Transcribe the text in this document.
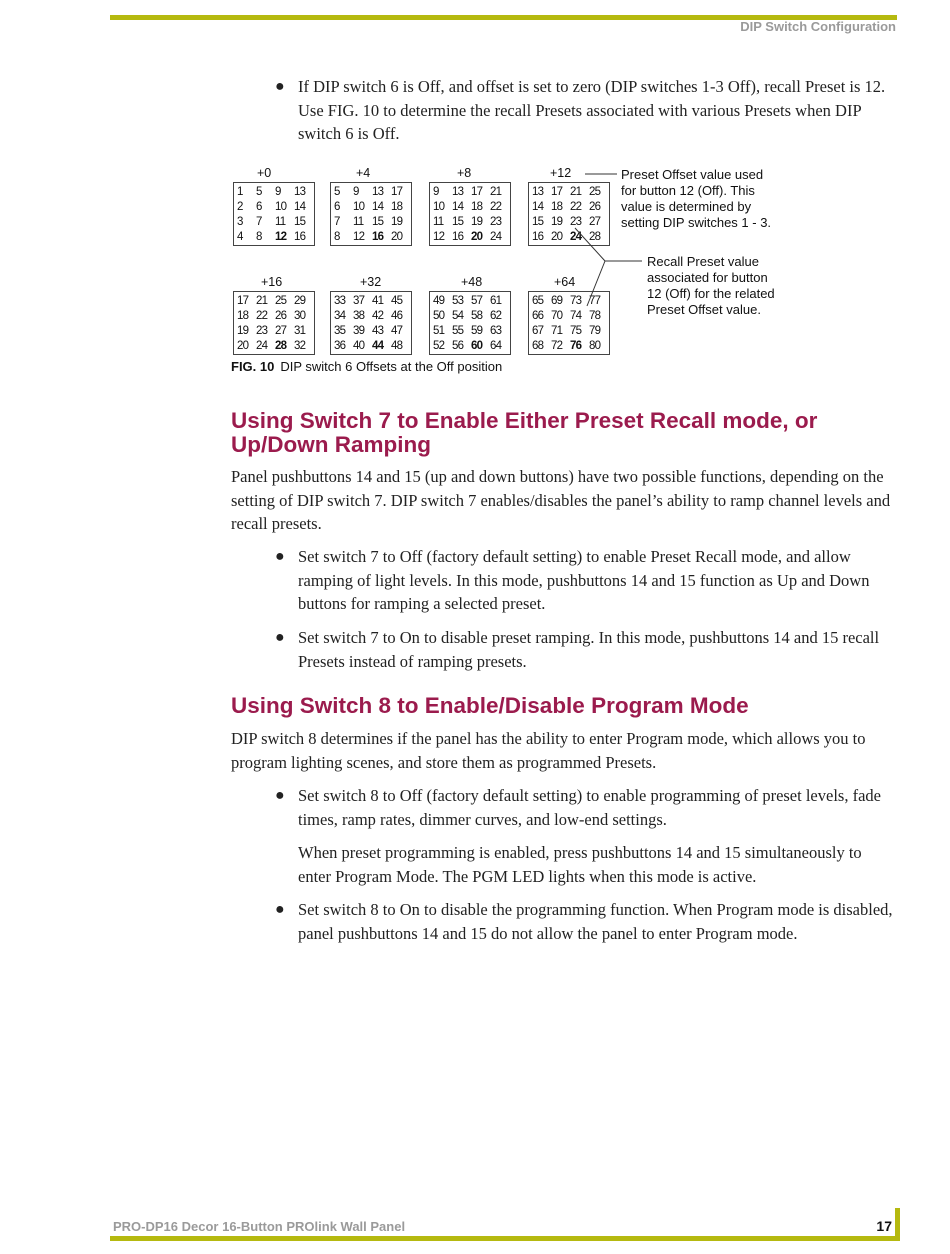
DIP Switch Configuration
● If DIP switch 6 is Off, and offset is set to zero (DIP switches 1-3 Off), recall Preset is 12. Use FIG. 10 to determine the recall Presets associated with various Presets when DIP switch 6 is Off.
+0
1	5	9	13
2	6	10 14
3	7	11 15
4	8	12 16
+4
5	9	13 17
6	10 14 18
7	11 15 19
8	12 16 20
+8
9	13 17 21
10 14 18 22
11 15 19 23
12 16 20 24
+12
13 17 21 25
14 18 22 26
15 19 23 27
16 20 24 28
+16
17 21 25 29
18 22 26 30
19 23 27 31
20 24 28 32
+32
33 37 41 45
34 38 42 46
35 39 43 47
36 40 44 48
+48
49 53 57 61
50 54 58 62
51 55 59 63
52 56 60 64
+64
65 69 73 77
66 70 74 78
67 71 75 79
68 72 76 80
Preset Offset value used
for button 12 (Off). This
value is determined by
setting DIP switches 1 - 3.
Recall Preset value
associated for button
12 (Off) for the related
Preset Offset value.
FIG. 10 DIP switch 6 Offsets at the Off position
Using Switch 7 to Enable Either Preset Recall mode, or Up/Down Ramping
Panel pushbuttons 14 and 15 (up and down buttons) have two possible functions, depending on the setting of DIP switch 7. DIP switch 7 enables/disables the panel’s ability to ramp channel levels and recall presets.
● Set switch 7 to Off (factory default setting) to enable Preset Recall mode, and allow ramping of light levels. In this mode, pushbuttons 14 and 15 function as Up and Down buttons for ramping a selected preset.
● Set switch 7 to On to disable preset ramping. In this mode, pushbuttons 14 and 15 recall Presets instead of ramping presets.
Using Switch 8 to Enable/Disable Program Mode
DIP switch 8 determines if the panel has the ability to enter Program mode, which allows you to program lighting scenes, and store them as programmed Presets.
● Set switch 8 to Off (factory default setting) to enable programming of preset levels, fade times, ramp rates, dimmer curves, and low-end settings.
When preset programming is enabled, press pushbuttons 14 and 15 simultaneously to enter Program Mode. The PGM LED lights when this mode is active.
● Set switch 8 to On to disable the programming function. When Program mode is disabled, panel pushbuttons 14 and 15 do not allow the panel to enter Program mode.
PRO-DP16 Decor 16-Button PROlink Wall Panel	17
